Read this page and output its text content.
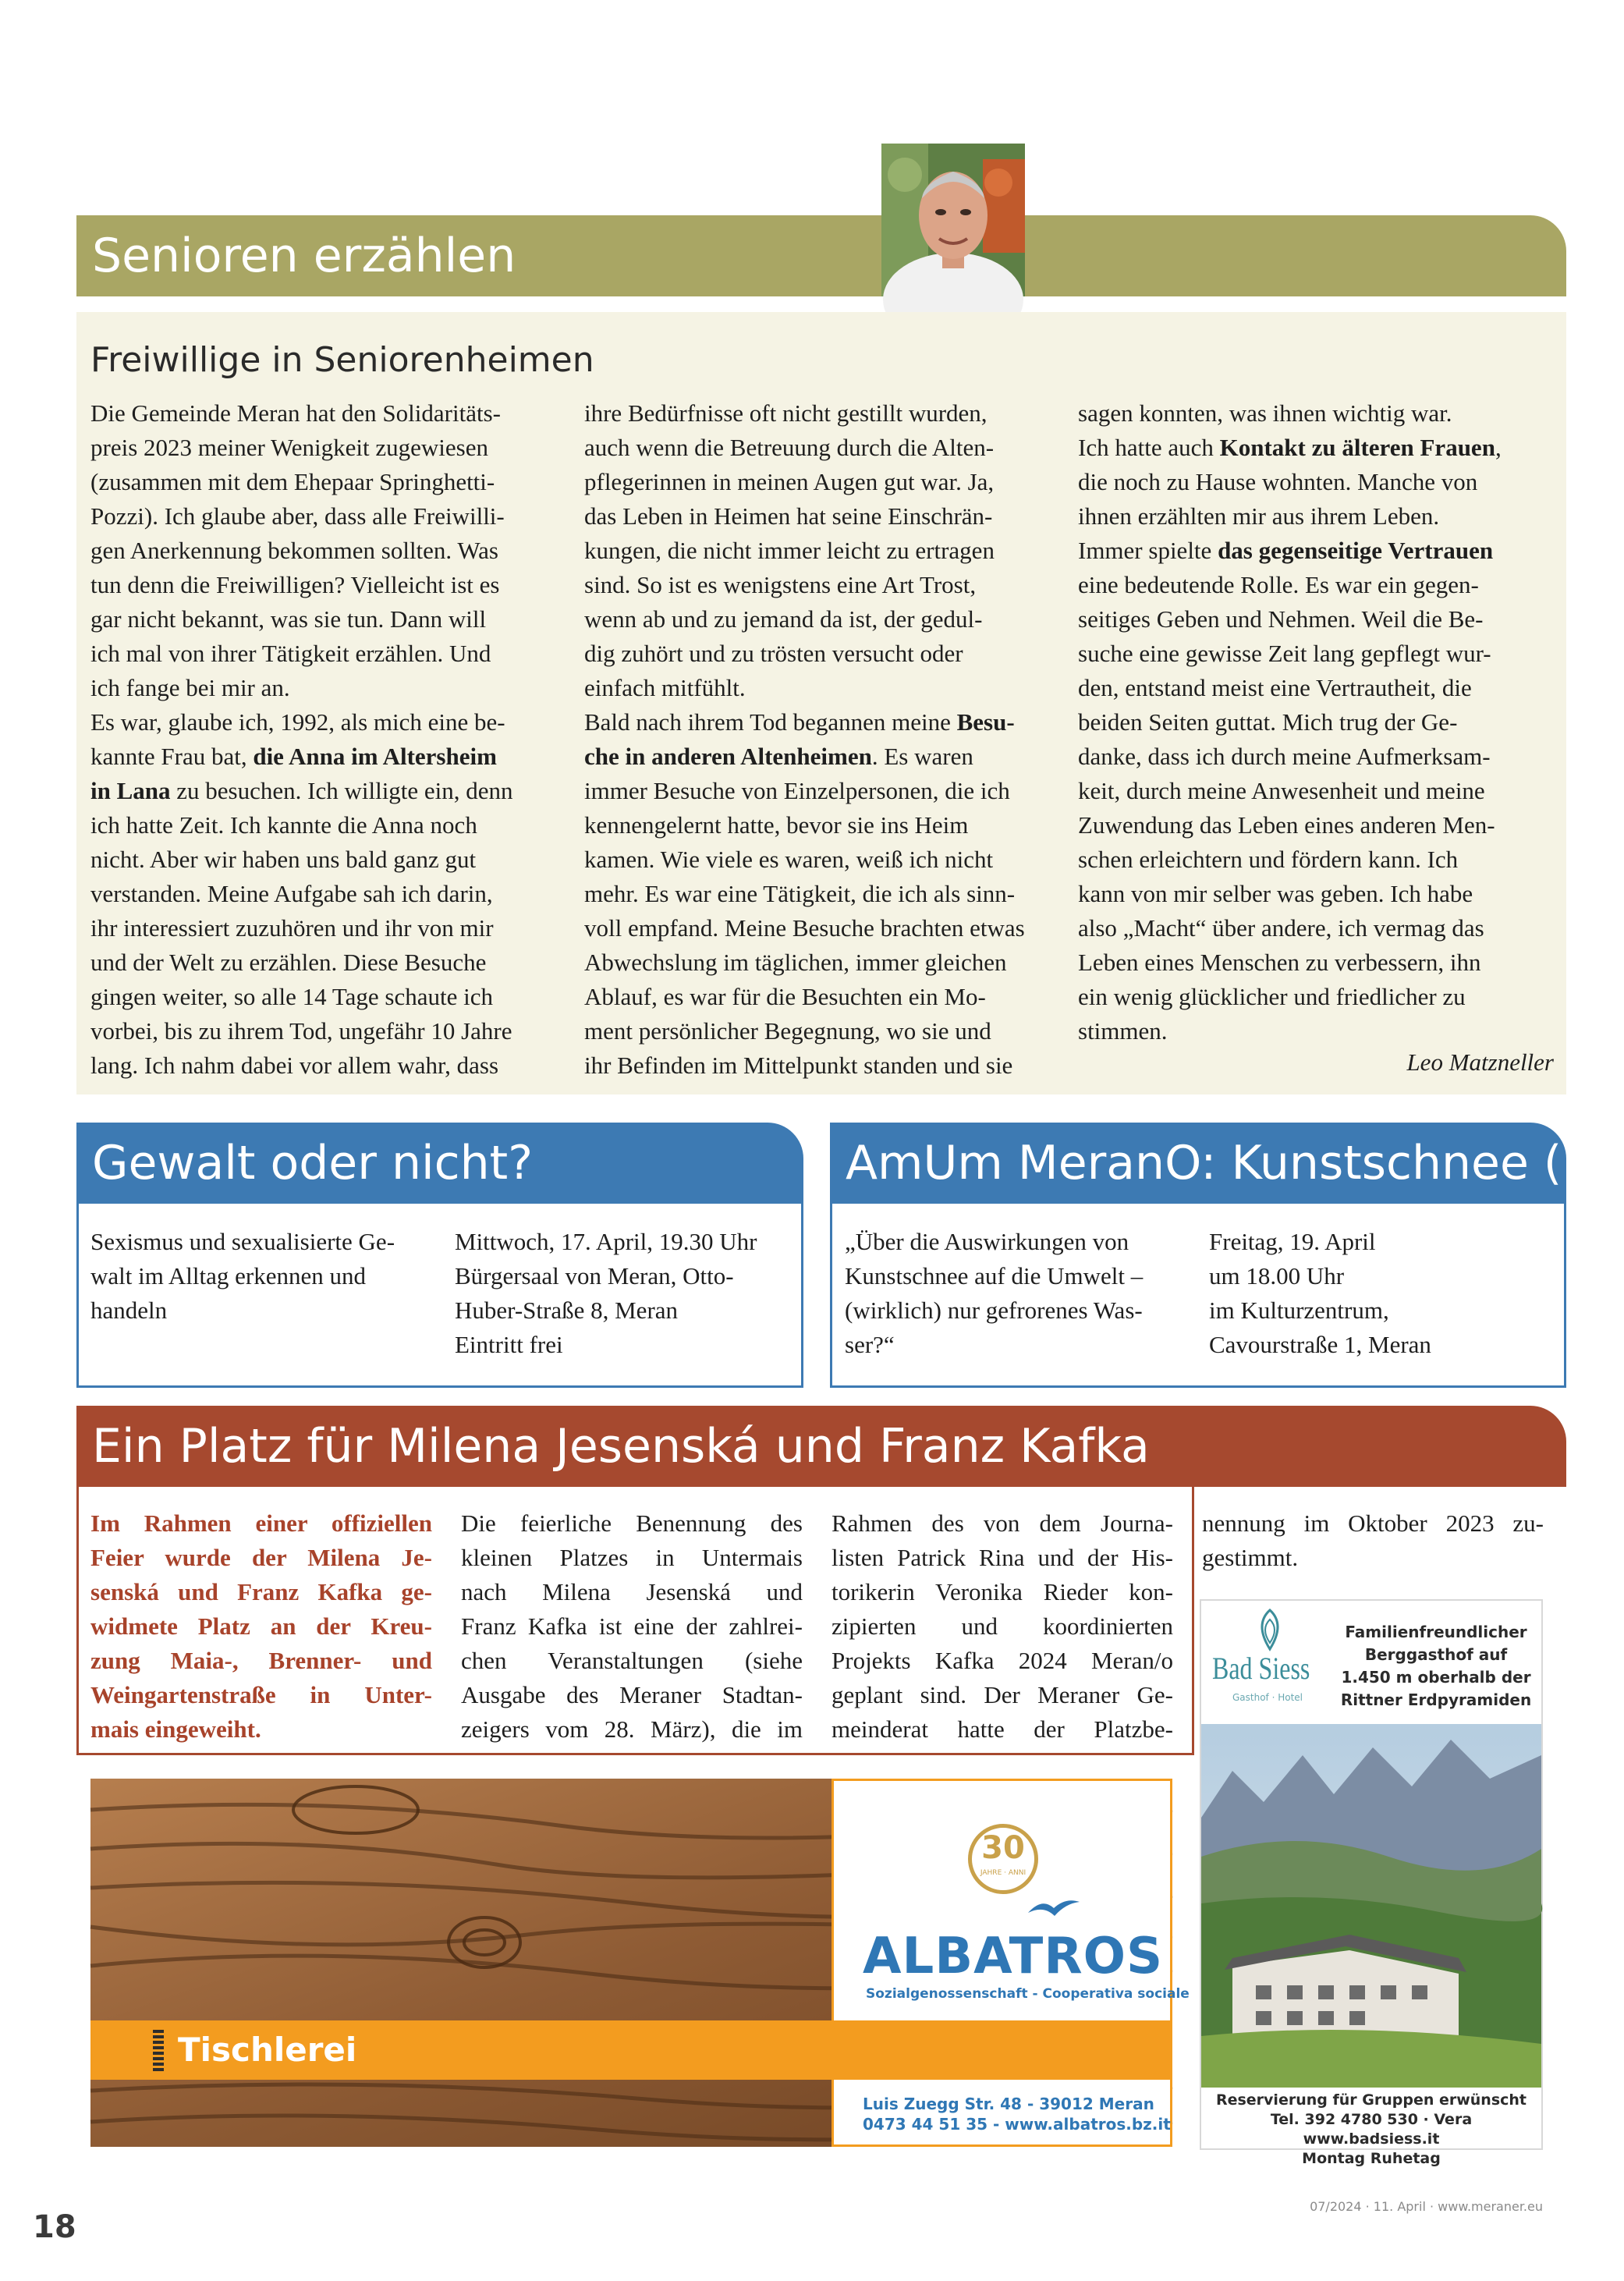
Senioren erzählen
Freiwillige in Seniorenheimen

Die Gemeinde Meran hat den Solidaritäts-

preis 2023 meiner Wenigkeit zugewiesen

(zusammen mit dem Ehepaar Springhetti-

Pozzi). Ich glaube aber, dass alle Freiwilli-

gen Anerkennung bekommen sollten. Was

tun denn die Freiwilligen? Vielleicht ist es

gar nicht bekannt, was sie tun. Dann will

ich mal von ihrer Tätigkeit erzählen. Und

ich fange bei mir an.

Es war, glaube ich, 1992, als mich eine be-

kannte Frau bat, die Anna im Altersheim

in Lana zu besuchen. Ich willigte ein, denn

ich hatte Zeit. Ich kannte die Anna noch

nicht. Aber wir haben uns bald ganz gut

verstanden. Meine Aufgabe sah ich darin,

ihr interessiert zuzuhören und ihr von mir

und der Welt zu erzählen. Diese Besuche

gingen weiter, so alle 14 Tage schaute ich

vorbei, bis zu ihrem Tod, ungefähr 10 Jahre

lang. Ich nahm dabei vor allem wahr, dass

ihre Bedürfnisse oft nicht gestillt wurden,

auch wenn die Betreuung durch die Alten-

pflegerinnen in meinen Augen gut war. Ja,

das Leben in Heimen hat seine Einschrän-

kungen, die nicht immer leicht zu ertragen

sind. So ist es wenigstens eine Art Trost,

wenn ab und zu jemand da ist, der gedul-

dig zuhört und zu trösten versucht oder

einfach mitfühlt.

Bald nach ihrem Tod begannen meine Besu-

che in anderen Altenheimen. Es waren

immer Besuche von Einzelpersonen, die ich

kennengelernt hatte, bevor sie ins Heim

kamen. Wie viele es waren, weiß ich nicht

mehr. Es war eine Tätigkeit, die ich als sinn-

voll empfand. Meine Besuche brachten etwas

Abwechslung im täglichen, immer gleichen

Ablauf, es war für die Besuchten ein Mo-

ment persönlicher Begegnung, wo sie und

ihr Befinden im Mittelpunkt standen und sie

sagen konnten, was ihnen wichtig war.

Ich hatte auch Kontakt zu älteren Frauen,

die noch zu Hause wohnten. Manche von

ihnen erzählten mir aus ihrem Leben.

Immer spielte das gegenseitige Vertrauen

eine bedeutende Rolle. Es war ein gegen-

seitiges Geben und Nehmen. Weil die Be-

suche eine gewisse Zeit lang gepflegt wur-

den, entstand meist eine Vertrautheit, die

beiden Seiten guttat. Mich trug der Ge-

danke, dass ich durch meine Aufmerksam-

keit, durch meine Anwesenheit und meine

Zuwendung das Leben eines anderen Men-

schen erleichtern und fördern kann. Ich

kann von mir selber was geben. Ich habe

also „Macht“ über andere, ich vermag das

Leben eines Menschen zu verbessern, ihn

ein wenig glücklicher und friedlicher zu

stimmen.

Leo Matzneller
Gewalt oder nicht?

Sexismus und sexualisierte Ge-

walt im Alltag erkennen und

handeln

Mittwoch, 17. April, 19.30 Uhr

Bürgersaal von Meran, Otto-

Huber-Straße 8, Meran

Eintritt frei

AmUm MeranO: Kunstschnee (it)

„Über die Auswirkungen von

Kunstschnee auf die Umwelt –

(wirklich) nur gefrorenes Was-

ser?“

Freitag, 19. April

um 18.00 Uhr

im Kulturzentrum,

Cavourstraße 1, Meran

Ein Platz für Milena Jesenská und Franz Kafka

Im Rahmen einer offiziellen

Feier wurde der Milena Je-

senská und Franz Kafka ge-

widmete Platz an der Kreu-

zung Maia-, Brenner- und

Weingartenstraße in Unter-

mais eingeweiht.

Die feierliche Benennung des

kleinen Platzes in Untermais

nach Milena Jesenská und

Franz Kafka ist eine der zahlrei-

chen Veranstaltungen (siehe

Ausgabe des Meraner Stadtan-

zeigers vom 28. März), die im

Rahmen des von dem Journa-

listen Patrick Rina und der His-

torikerin Veronika Rieder kon-

zipierten und koordinierten

Projekts Kafka 2024 Meran/o

geplant sind. Der Meraner Ge-

meinderat hatte der Platzbe-

nennung im Oktober 2023 zu-

gestimmt.

30
JAHRE · ANNI
ALBATROS
Sozialgenossenschaft - Cooperativa sociale
Tischlerei
Luis Zuegg Str. 48 - 39012 Meran
0473 44 51 35 - www.albatros.bz.it
Bad Siess
Gasthof · Hotel
Familienfreundlicher
Berggasthof auf
1.450 m oberhalb der
Rittner Erdpyramiden
Reservierung für Gruppen erwünscht
Tel. 392 4780 530 · Vera www.badsiess.it
Montag Ruhetag
18
07/2024 · 11. April · www.meraner.eu
